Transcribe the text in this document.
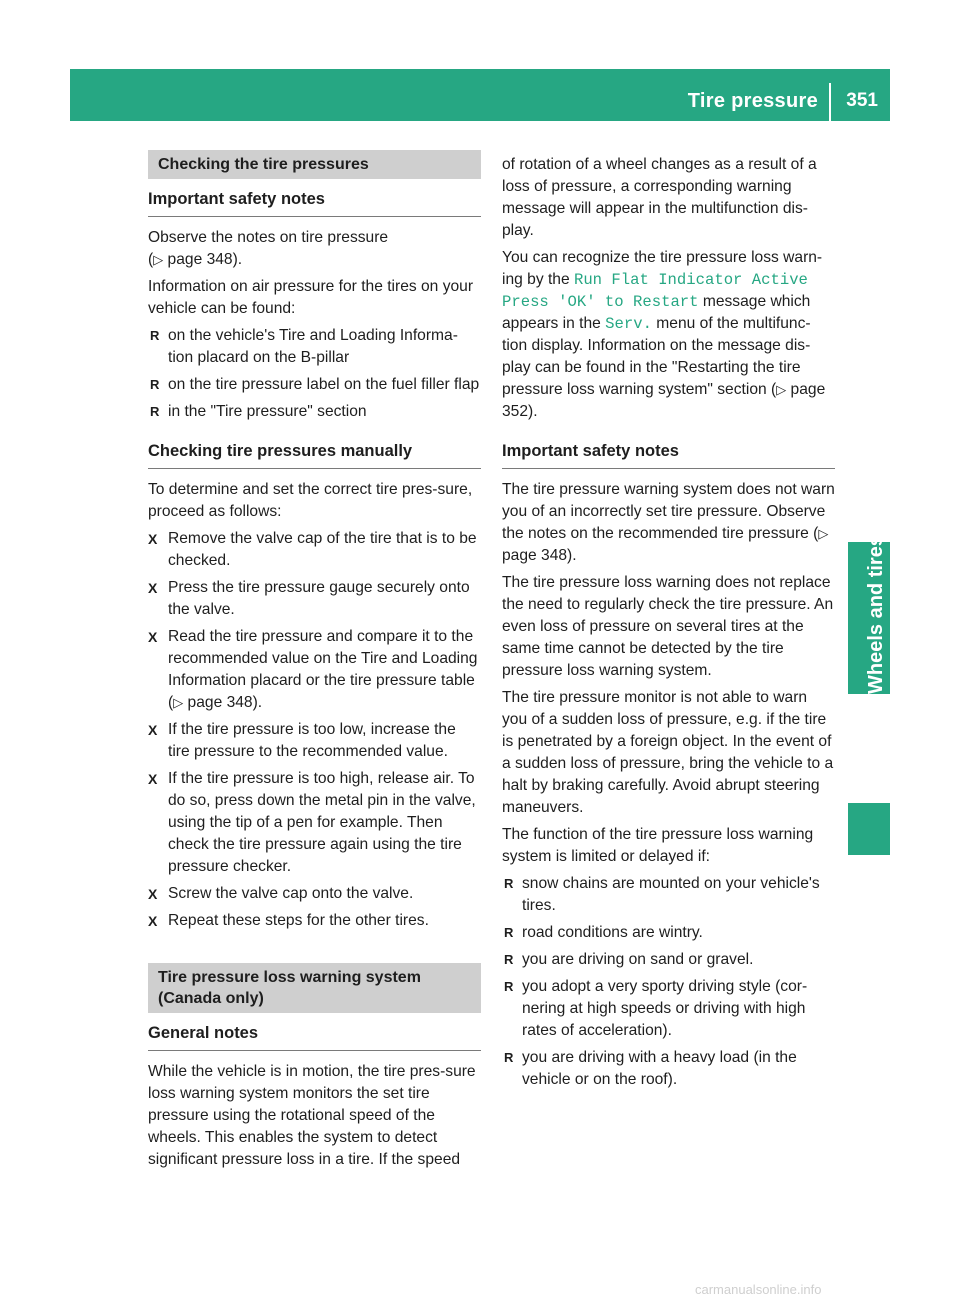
Tire pressure 351
Wheels and tires
Checking the tire pressures
Important safety notes

Observe the notes on tire pressure
(▷ page 348).

Information on air pressure for the tires on your vehicle can be found:

R on the vehicle's Tire and Loading Informa-tion placard on the B-pillar
R on the tire pressure label on the fuel filler flap
R in the "Tire pressure" section
Checking tire pressures manually

To determine and set the correct tire pres-sure, proceed as follows:

X Remove the valve cap of the tire that is to be checked.
X Press the tire pressure gauge securely onto the valve.
X Read the tire pressure and compare it to the recommended value on the Tire and Loading Information placard or the tire pressure table (▷ page 348).
X If the tire pressure is too low, increase the tire pressure to the recommended value.
X If the tire pressure is too high, release air. To do so, press down the metal pin in the valve, using the tip of a pen for example. Then check the tire pressure again using the tire pressure checker.
X Screw the valve cap onto the valve.
X Repeat these steps for the other tires.
Tire pressure loss warning system (Canada only)
General notes

While the vehicle is in motion, the tire pres-sure loss warning system monitors the set tire pressure using the rotational speed of the wheels. This enables the system to detect significant pressure loss in a tire. If the speed

of rotation of a wheel changes as a result of a loss of pressure, a corresponding warning message will appear in the multifunction dis-play.

You can recognize the tire pressure loss warn-ing by the Run Flat Indicator Active Press 'OK' to Restart message which appears in the Serv. menu of the multifunc-tion display. Information on the message dis-play can be found in the "Restarting the tire pressure loss warning system" section (▷ page 352).

Important safety notes

The tire pressure warning system does not warn you of an incorrectly set tire pressure. Observe the notes on the recommended tire pressure (▷ page 348).

The tire pressure loss warning does not replace the need to regularly check the tire pressure. An even loss of pressure on several tires at the same time cannot be detected by the tire pressure loss warning system.

The tire pressure monitor is not able to warn you of a sudden loss of pressure, e.g. if the tire is penetrated by a foreign object. In the event of a sudden loss of pressure, bring the vehicle to a halt by braking carefully. Avoid abrupt steering maneuvers.

The function of the tire pressure loss warning system is limited or delayed if:

R snow chains are mounted on your vehicle's tires.
R road conditions are wintry.
R you are driving on sand or gravel.
R you adopt a very sporty driving style (cor-nering at high speeds or driving with high rates of acceleration).
R you are driving with a heavy load (in the vehicle or on the roof).
carmanualsonline.info
